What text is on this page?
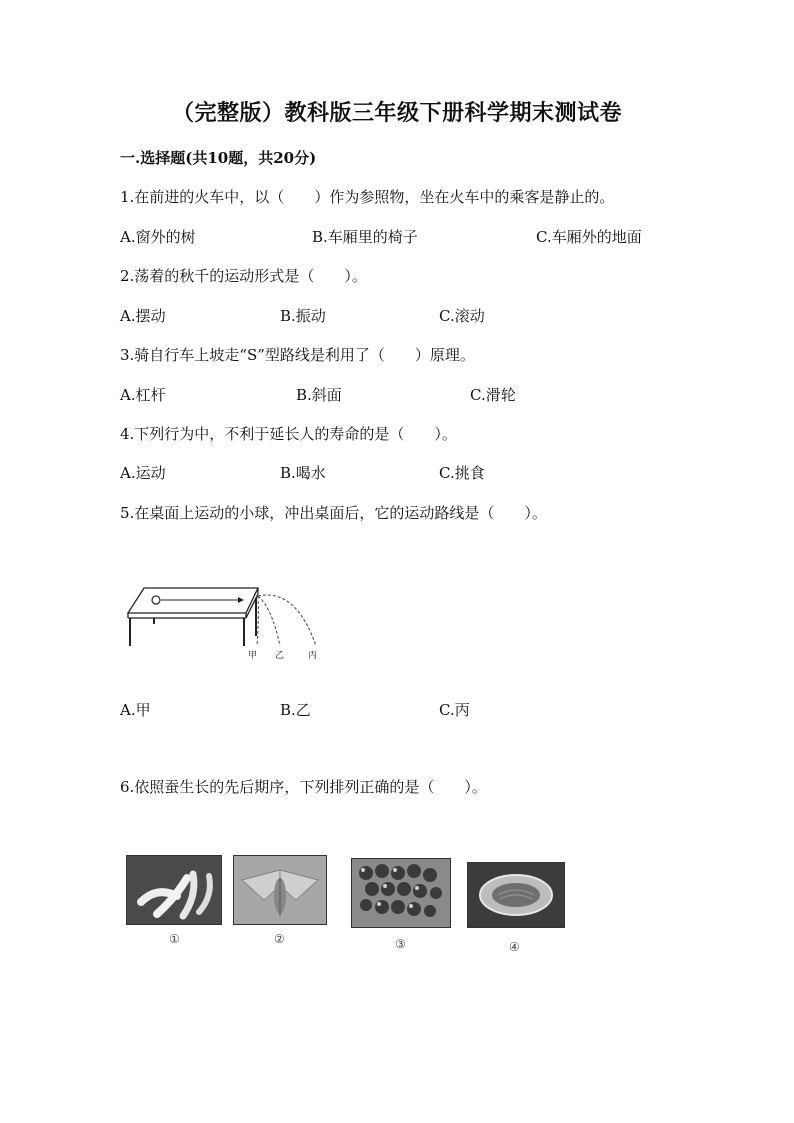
（完整版）教科版三年级下册科学期末测试卷
一.选择题(共10题，共20分)
1.在前进的火车中，以（　　）作为参照物，坐在火车中的乘客是静止的。
A.窗外的树	B.车厢里的椅子	C.车厢外的地面
2.荡着的秋千的运动形式是（　　）。
A.摆动	B.振动	C.滚动
3.骑自行车上坡走“S”型路线是利用了（　　）原理。
A.杠杆	B.斜面	C.滑轮
4.下列行为中，不利于延长人的寿命的是（　　）。
A.运动	B.喝水	C.挑食
5.在桌面上运动的小球，冲出桌面后，它的运动路线是（　　）。
甲 乙	丙
A.甲	B.乙	C.丙
6.依照蚕生长的先后期序，下列排列正确的是（　　）。
①	②	③	④
